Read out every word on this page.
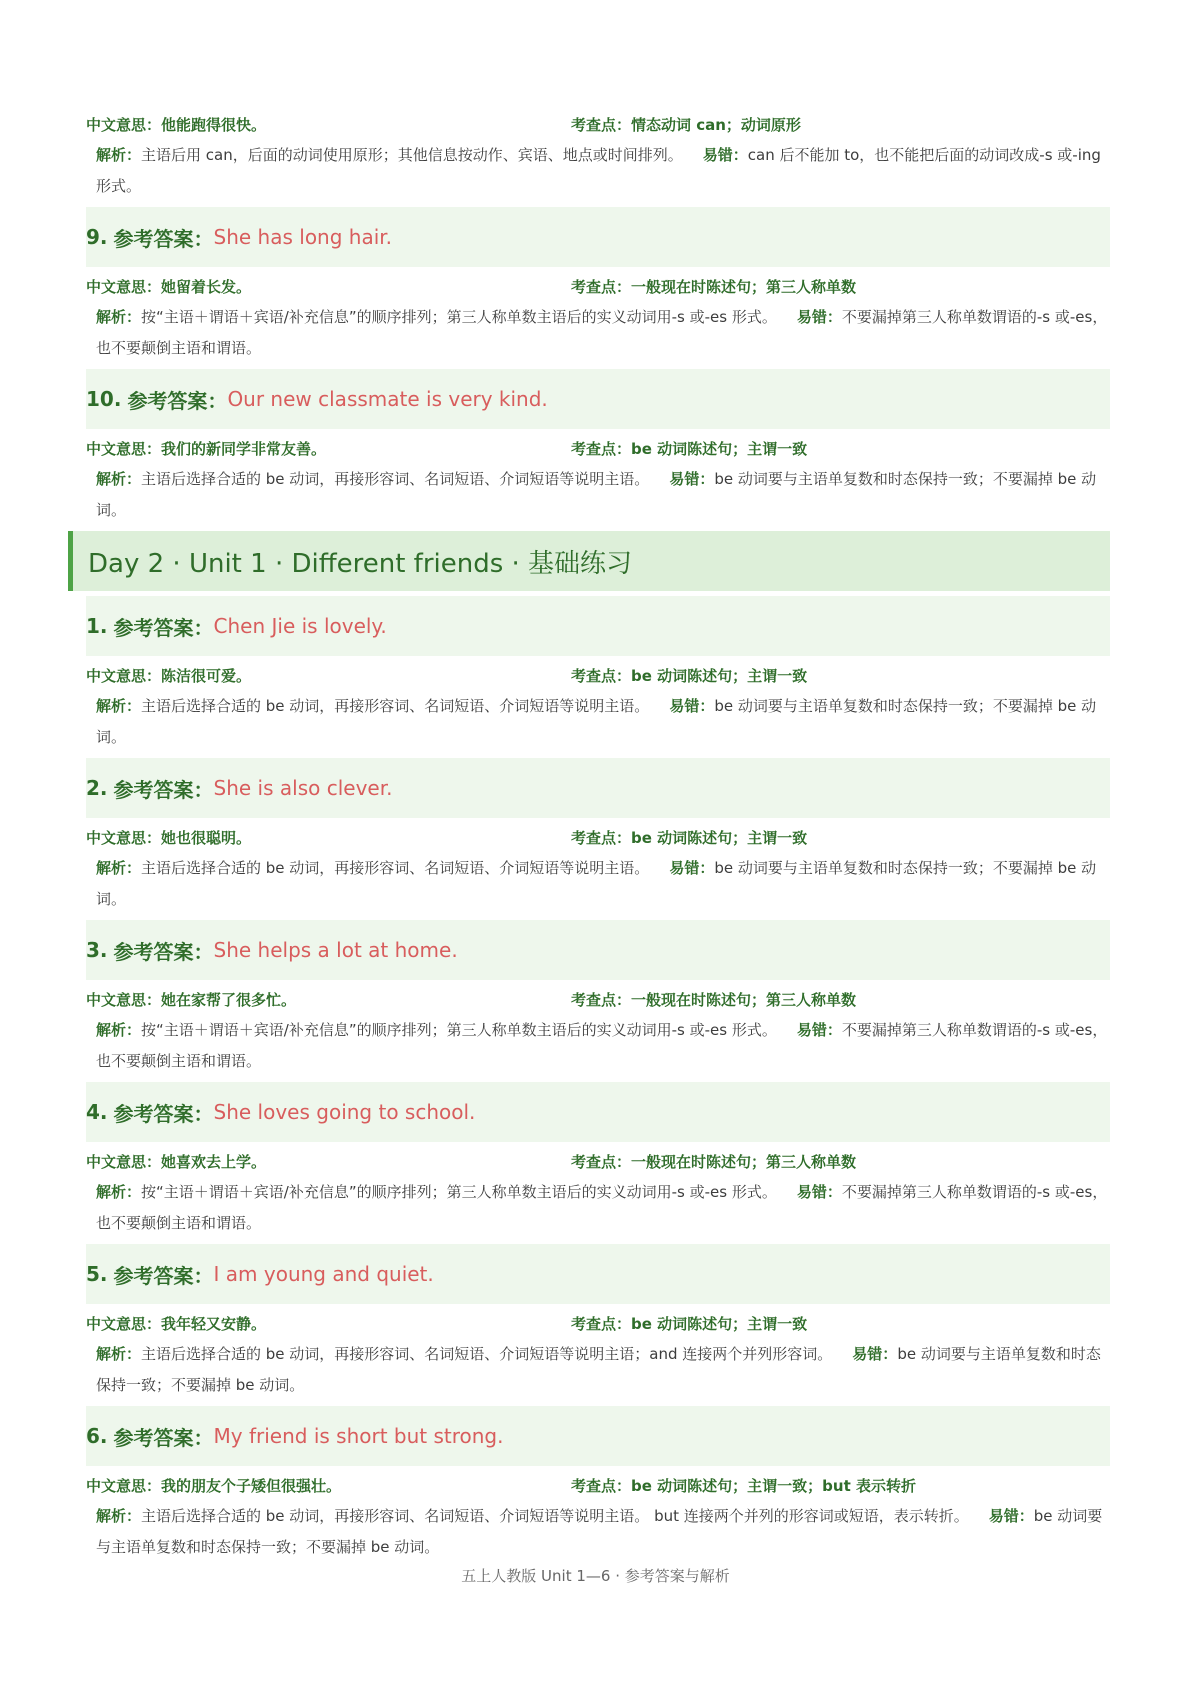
中文意思：他能跑得很快。	考查点：情态动词 can；动词原形
解析：主语后用 can，后面的动词使用原形；其他信息按动作、宾语、地点或时间排列。 易错：can 后不能加 to，也不能把后面的动词改成-s 或-ing 形式。
9. 参考答案： She has long hair.
中文意思：她留着长发。	考查点：一般现在时陈述句；第三人称单数
解析：按“主语＋谓语＋宾语/补充信息”的顺序排列；第三人称单数主语后的实义动词用-s 或-es 形式。 易错：不要漏掉第三人称单数谓语的-s 或-es，也不要颠倒主语和谓语。
10. 参考答案： Our new classmate is very kind.
中文意思：我们的新同学非常友善。	考查点：be 动词陈述句；主谓一致
解析：主语后选择合适的 be 动词，再接形容词、名词短语、介词短语等说明主语。 易错：be 动词要与主语单复数和时态保持一致；不要漏掉 be 动词。
Day 2 · Unit 1 · Different friends · 基础练习
1. 参考答案： Chen Jie is lovely.
中文意思：陈洁很可爱。	考查点：be 动词陈述句；主谓一致
解析：主语后选择合适的 be 动词，再接形容词、名词短语、介词短语等说明主语。 易错：be 动词要与主语单复数和时态保持一致；不要漏掉 be 动词。
2. 参考答案： She is also clever.
中文意思：她也很聪明。	考查点：be 动词陈述句；主谓一致
解析：主语后选择合适的 be 动词，再接形容词、名词短语、介词短语等说明主语。 易错：be 动词要与主语单复数和时态保持一致；不要漏掉 be 动词。
3. 参考答案： She helps a lot at home.
中文意思：她在家帮了很多忙。	考查点：一般现在时陈述句；第三人称单数
解析：按“主语＋谓语＋宾语/补充信息”的顺序排列；第三人称单数主语后的实义动词用-s 或-es 形式。 易错：不要漏掉第三人称单数谓语的-s 或-es，也不要颠倒主语和谓语。
4. 参考答案： She loves going to school.
中文意思：她喜欢去上学。	考查点：一般现在时陈述句；第三人称单数
解析：按“主语＋谓语＋宾语/补充信息”的顺序排列；第三人称单数主语后的实义动词用-s 或-es 形式。 易错：不要漏掉第三人称单数谓语的-s 或-es，也不要颠倒主语和谓语。
5. 参考答案： I am young and quiet.
中文意思：我年轻又安静。	考查点：be 动词陈述句；主谓一致
解析：主语后选择合适的 be 动词，再接形容词、名词短语、介词短语等说明主语；and 连接两个并列形容词。 易错：be 动词要与主语单复数和时态保持一致；不要漏掉 be 动词。
6. 参考答案： My friend is short but strong.
中文意思：我的朋友个子矮但很强壮。	考查点：be 动词陈述句；主谓一致；but 表示转折
解析：主语后选择合适的 be 动词，再接形容词、名词短语、介词短语等说明主语。 but 连接两个并列的形容词或短语，表示转折。 易错：be 动词要与主语单复数和时态保持一致；不要漏掉 be 动词。
五上人教版 Unit 1—6 · 参考答案与解析
